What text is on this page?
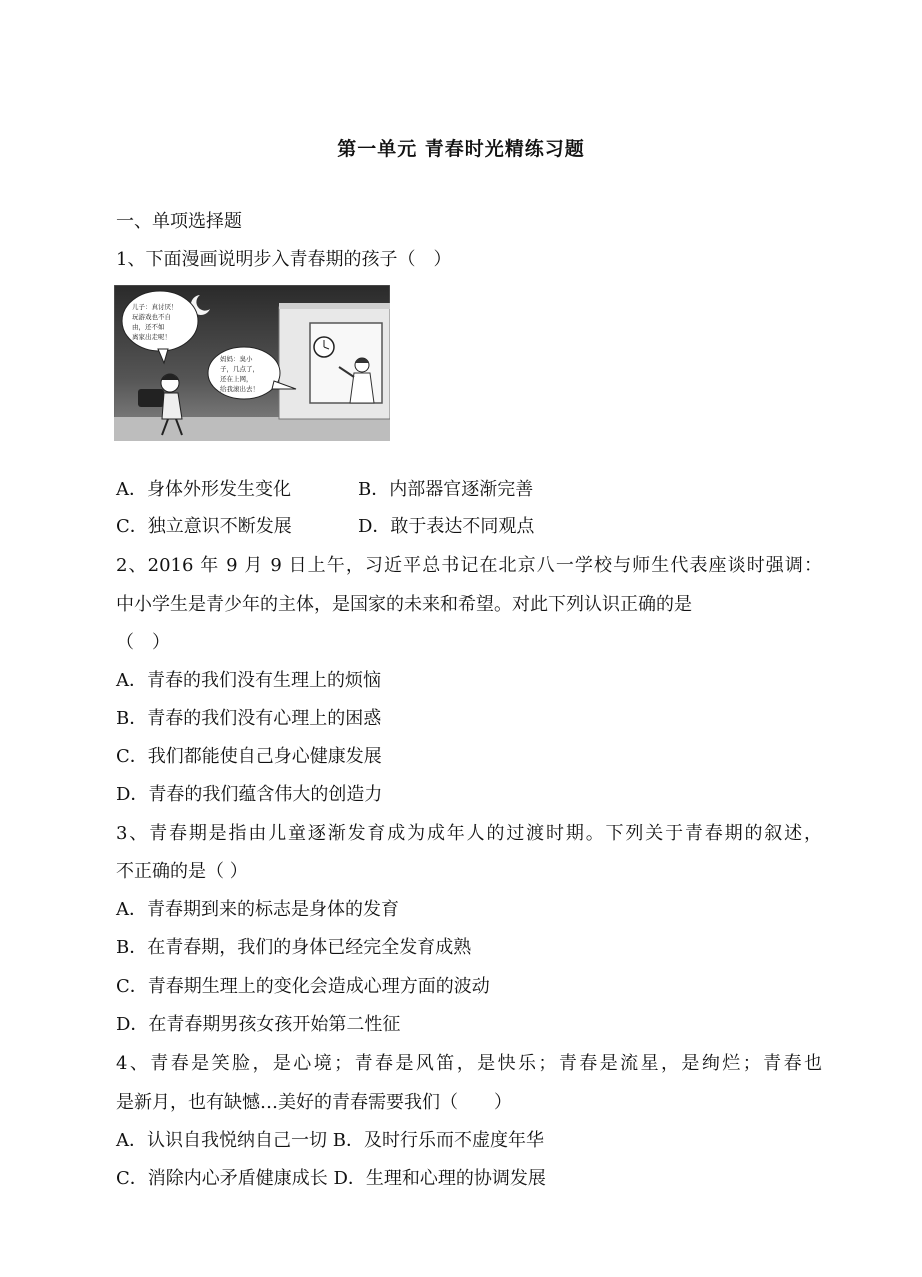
第一单元 青春时光精练习题
一、单项选择题
1、下面漫画说明步入青春期的孩子（　）
妈妈：臭小
子，几点了，
还在上网，
给我滚出去！
儿子：真讨厌！
玩游戏也不自
由，还不如
离家出走呢！
A．身体外形发生变化	B．内部器官逐渐完善
C．独立意识不断发展	D．敢于表达不同观点
2、2016 年 9 月 9 日上午，习近平总书记在北京八一学校与师生代表座谈时强调：
中小学生是青少年的主体，是国家的未来和希望。对此下列认识正确的是
（　）
A．青春的我们没有生理上的烦恼
B．青春的我们没有心理上的困惑
C．我们都能使自己身心健康发展
D．青春的我们蕴含伟大的创造力
3、青春期是指由儿童逐渐发育成为成年人的过渡时期。下列关于青春期的叙述，
不正确的是（ ）
A．青春期到来的标志是身体的发育
B．在青春期，我们的身体已经完全发育成熟
C．青春期生理上的变化会造成心理方面的波动
D．在青春期男孩女孩开始第二性征
4、青春是笑脸，是心境；青春是风笛，是快乐；青春是流星，是绚烂；青春也
是新月，也有缺憾…美好的青春需要我们（　　）
A．认识自我悦纳自己一切 B．及时行乐而不虚度年华
C．消除内心矛盾健康成长 D．生理和心理的协调发展
